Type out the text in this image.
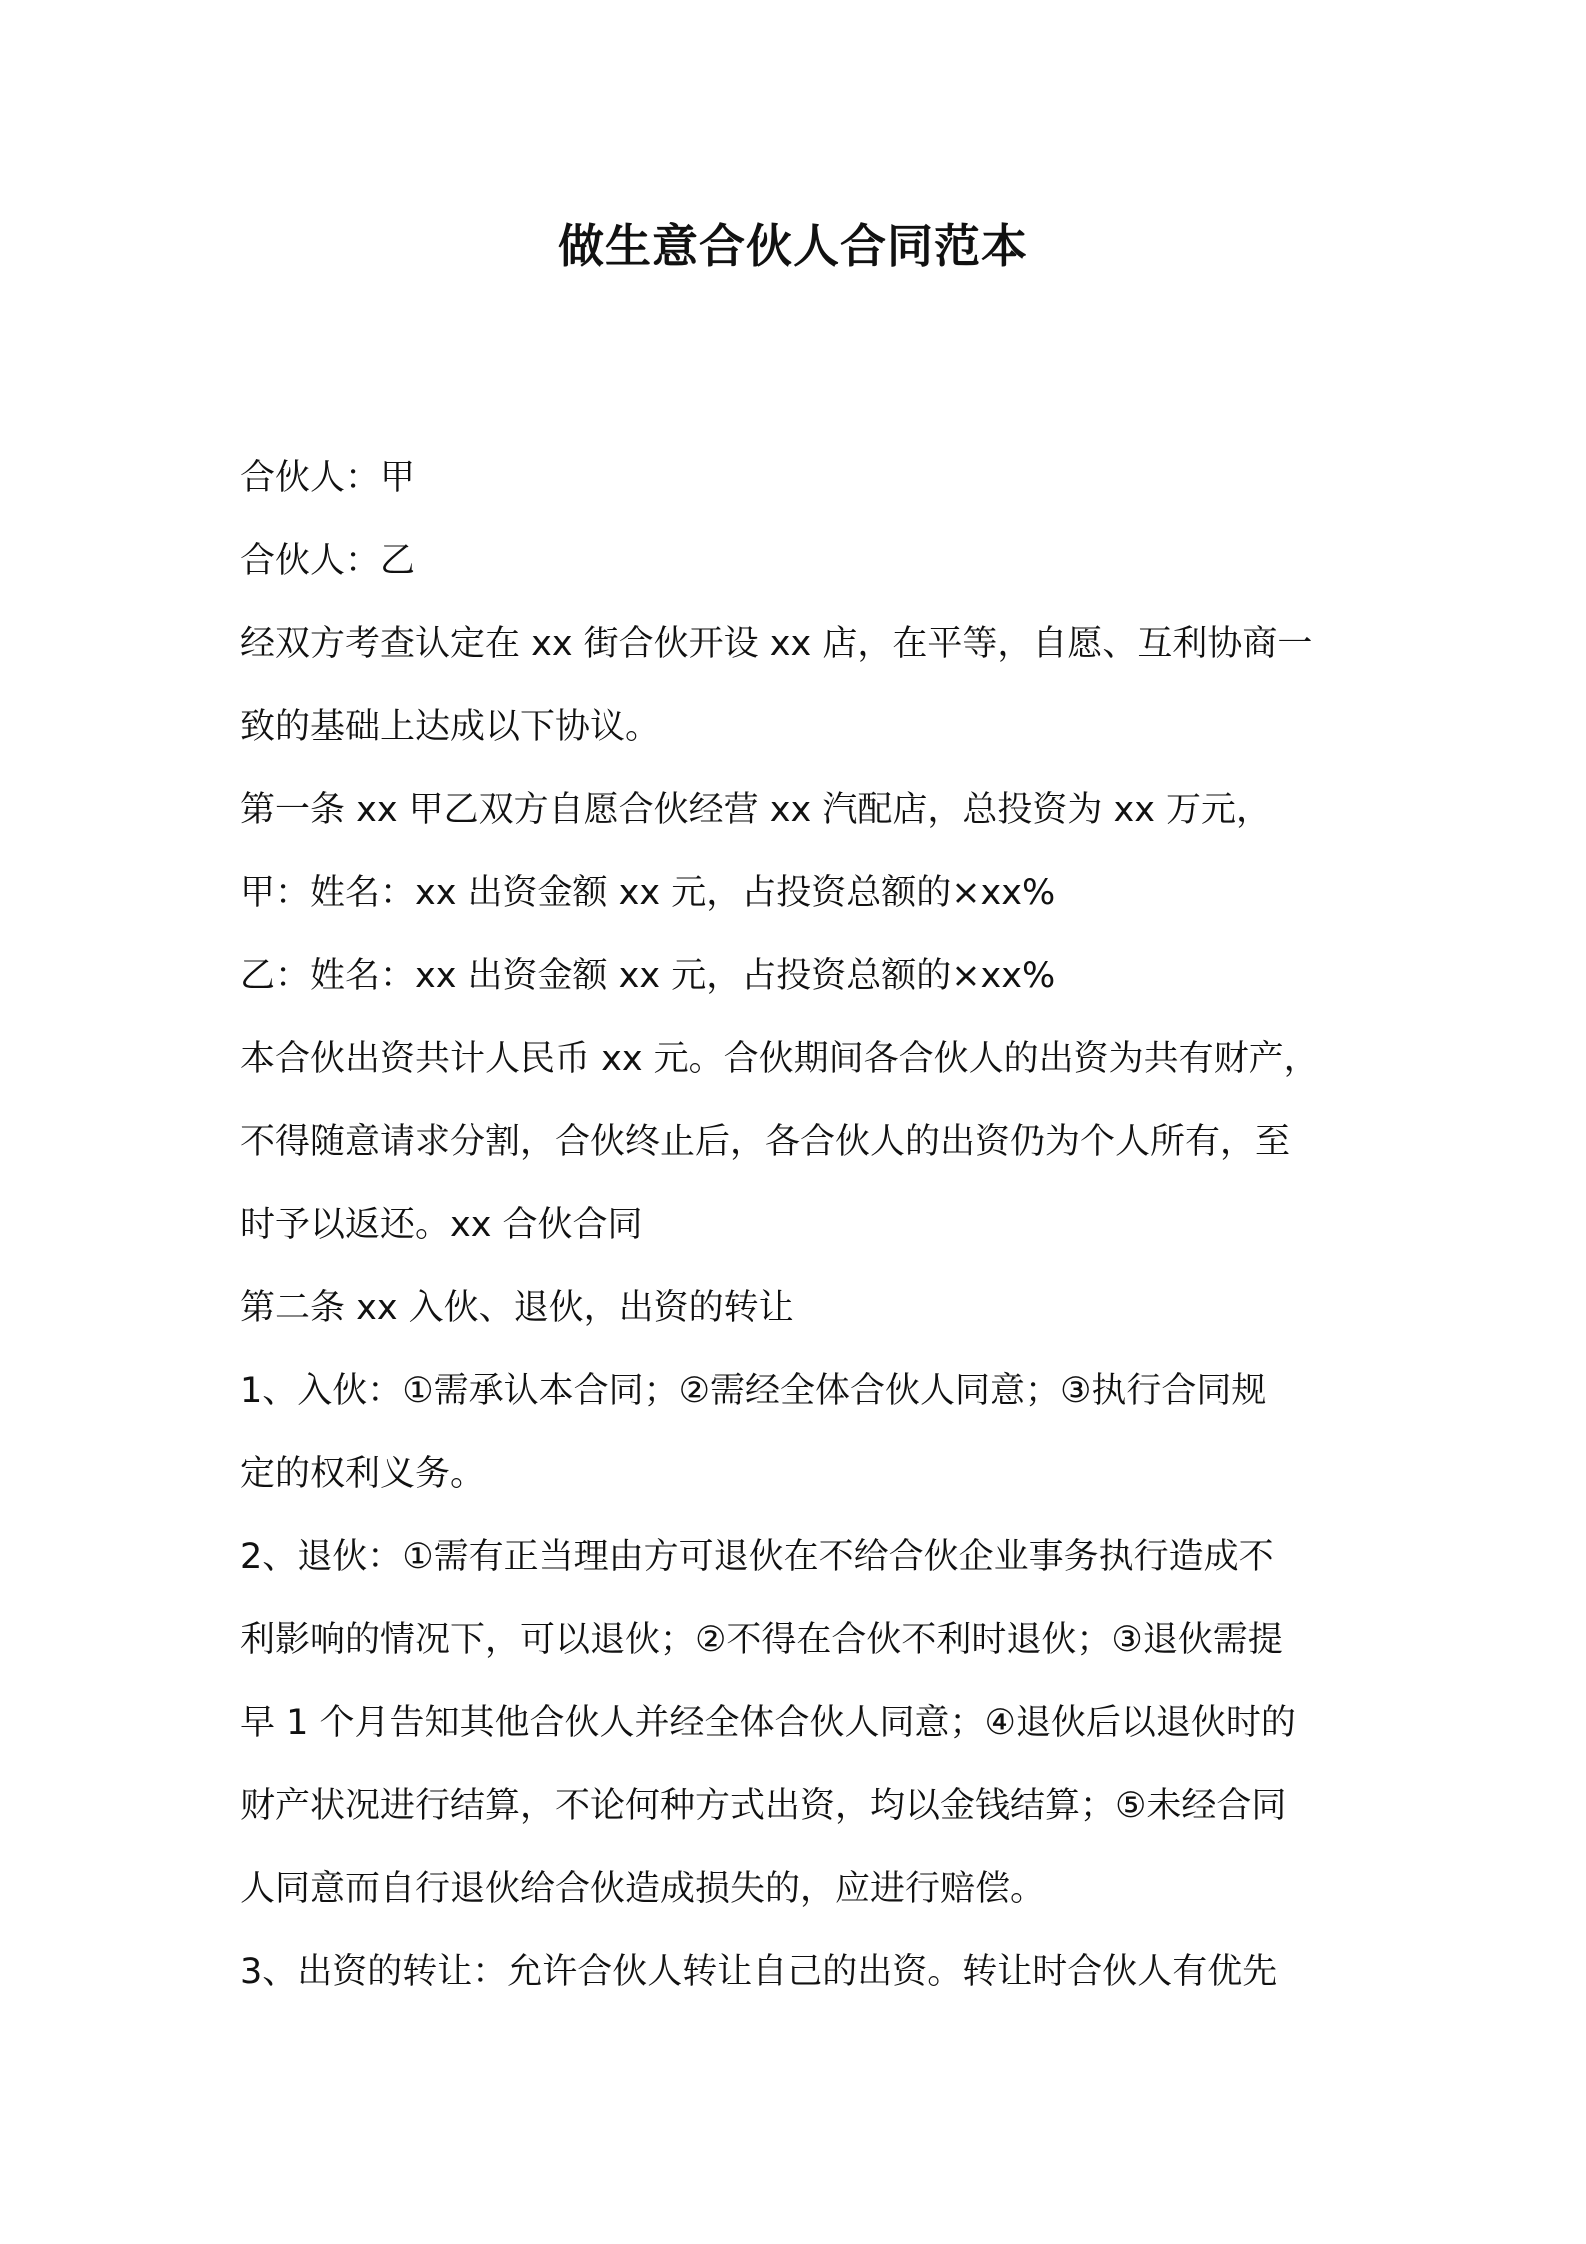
做生意合伙人合同范本

合伙人：甲

合伙人：乙

经双方考查认定在 xx 街合伙开设 xx 店，在平等，自愿、互利协商一

致的基础上达成以下协议。

第一条 xx 甲乙双方自愿合伙经营 xx 汽配店，总投资为 xx 万元，

甲：姓名：xx 出资金额 xx 元，占投资总额的×xx%

乙：姓名：xx 出资金额 xx 元，占投资总额的×xx%

本合伙出资共计人民币 xx 元。合伙期间各合伙人的出资为共有财产，

不得随意请求分割，合伙终止后，各合伙人的出资仍为个人所有，至

时予以返还。xx 合伙合同

第二条 xx 入伙、退伙，出资的转让

1、入伙：①需承认本合同；②需经全体合伙人同意；③执行合同规

定的权利义务。

2、退伙：①需有正当理由方可退伙在不给合伙企业事务执行造成不

利影响的情况下，可以退伙；②不得在合伙不利时退伙；③退伙需提

早 1 个月告知其他合伙人并经全体合伙人同意；④退伙后以退伙时的

财产状况进行结算，不论何种方式出资，均以金钱结算；⑤未经合同

人同意而自行退伙给合伙造成损失的，应进行赔偿。

3、出资的转让：允许合伙人转让自己的出资。转让时合伙人有优先
